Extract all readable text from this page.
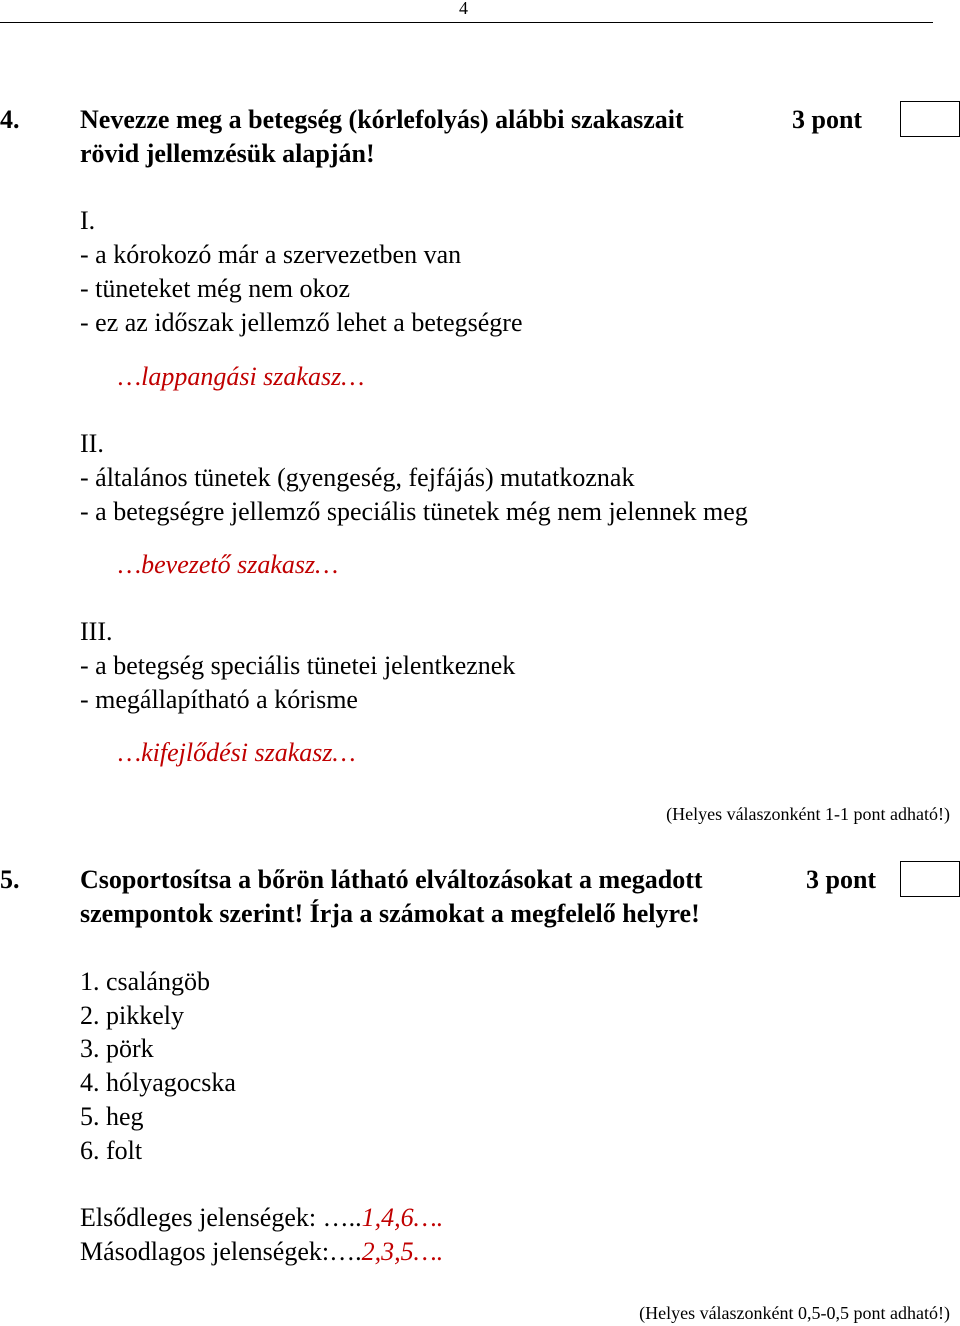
4
4. Nevezze meg a betegség (kórlefolyás) alábbi szakaszait
rövid jellemzésük alapján!
3 pont
I.
- a kórokozó már a szervezetben van
- tüneteket még nem okoz
- ez az időszak jellemző lehet a betegségre
…lappangási szakasz…
II.
- általános tünetek (gyengeség, fejfájás) mutatkoznak
- a betegségre jellemző speciális tünetek még nem jelennek meg
…bevezető szakasz…
III.
- a betegség speciális tünetei jelentkeznek
- megállapítható a kórisme
…kifejlődési szakasz…
(Helyes válaszonként 1-1 pont adható!)
5. Csoportosítsa a bőrön látható elváltozásokat a megadott
szempontok szerint! Írja a számokat a megfelelő helyre!
3 pont
1. csalángöb
2. pikkely
3. pörk
4. hólyagocska
5. heg
6. folt
Elsődleges jelenségek: …..1,4,6….
Másodlagos jelenségek:….2,3,5….
(Helyes válaszonként 0,5-0,5 pont adható!)
